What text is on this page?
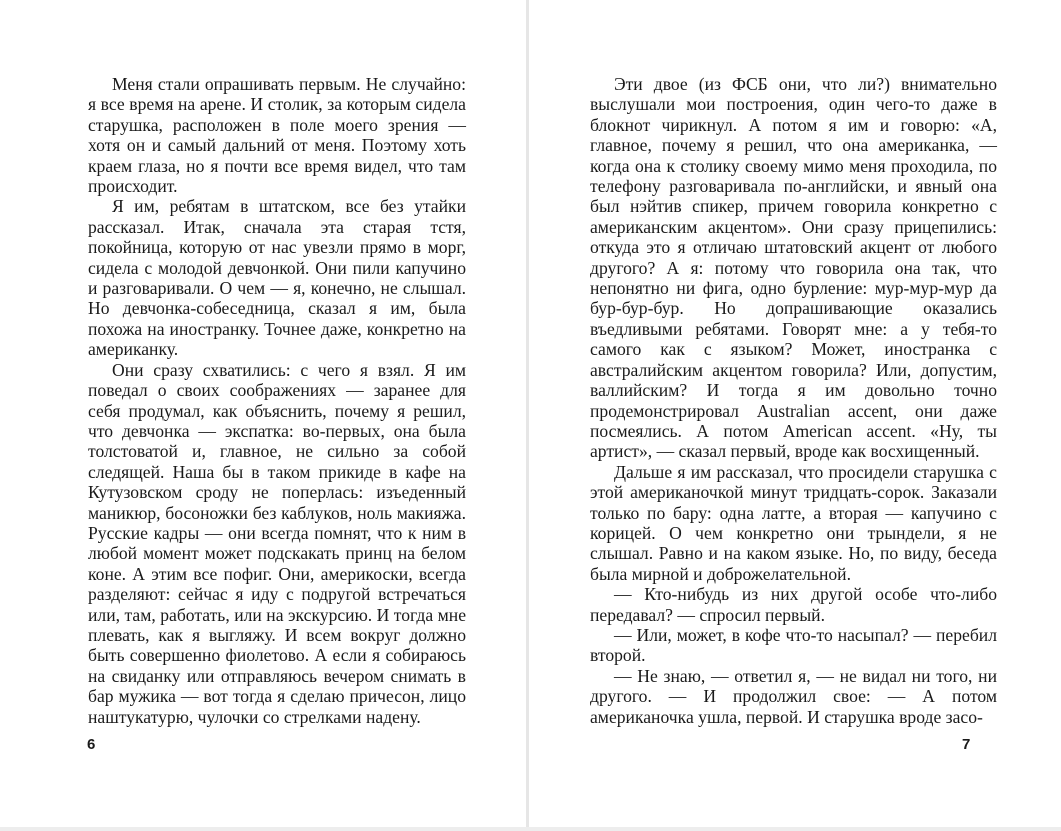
Меня стали опрашивать первым. Не случайно: я все время на арене. И столик, за которым сидела старушка, расположен в поле моего зрения — хотя он и самый дальний от меня. Поэтому хоть краем глаза, но я почти все время видел, что там происходит.

Я им, ребятам в штатском, все без утайки рассказал. Итак, сначала эта старая тстя, покойница, которую от нас увезли прямо в морг, сидела с молодой девчонкой. Они пили капучино и разговаривали. О чем — я, конечно, не слышал. Но девчонка-собеседница, сказал я им, была похожа на иностранку. Точнее даже, конкретно на американку.

Они сразу схватились: с чего я взял. Я им поведал о своих соображениях — заранее для себя продумал, как объяснить, почему я решил, что девчонка — экспатка: во-первых, она была толстоватой и, главное, не сильно за собой следящей. Наша бы в таком прикиде в кафе на Кутузовском сроду не поперлась: изъеденный маникюр, босоножки без каблуков, ноль макияжа. Русские кадры — они всегда помнят, что к ним в любой момент может подскакать принц на белом коне. А этим все пофиг. Они, америкоски, всегда разделяют: сейчас я иду с подругой встречаться или, там, работать, или на экскурсию. И тогда мне плевать, как я выгляжу. И всем вокруг должно быть совершенно фиолетово. А если я собираюсь на свиданку или отправляюсь вечером снимать в бар мужика — вот тогда я сделаю причесон, лицо наштукатурю, чулочки со стрелками надену.

6

Эти двое (из ФСБ они, что ли?) внимательно выслушали мои построения, один чего-то даже в блокнот чирикнул. А потом я им и говорю: «А, главное, почему я решил, что она американка, — когда она к столику своему мимо меня проходила, по телефону разговаривала по-английски, и явный она был нэйтив спикер, причем говорила конкретно с американским акцентом». Они сразу прицепились: откуда это я отличаю штатовский акцент от любого другого? А я: потому что говорила она так, что непонятно ни фига, одно бурление: мур-мур-мур да бур-бур-бур. Но допрашивающие оказались въедливыми ребятами. Говорят мне: а у тебя-то самого как с языком? Может, иностранка с австралийским акцентом говорила? Или, допустим, валлийским? И тогда я им довольно точно продемонстрировал Australian accent, они даже посмеялись. А потом American accent. «Ну, ты артист», — сказал первый, вроде как восхищенный.

Дальше я им рассказал, что просидели старушка с этой американочкой минут тридцать-сорок. Заказали только по бару: одна латте, а вторая — капучино с корицей. О чем конкретно они трындели, я не слышал. Равно и на каком языке. Но, по виду, беседа была мирной и доброжелательной.

— Кто-нибудь из них другой особе что-либо передавал? — спросил первый.

— Или, может, в кофе что-то насыпал? — перебил второй.

— Не знаю, — ответил я, — не видал ни того, ни другого. — И продолжил свое: — А потом американочка ушла, первой. И старушка вроде засо-

7
